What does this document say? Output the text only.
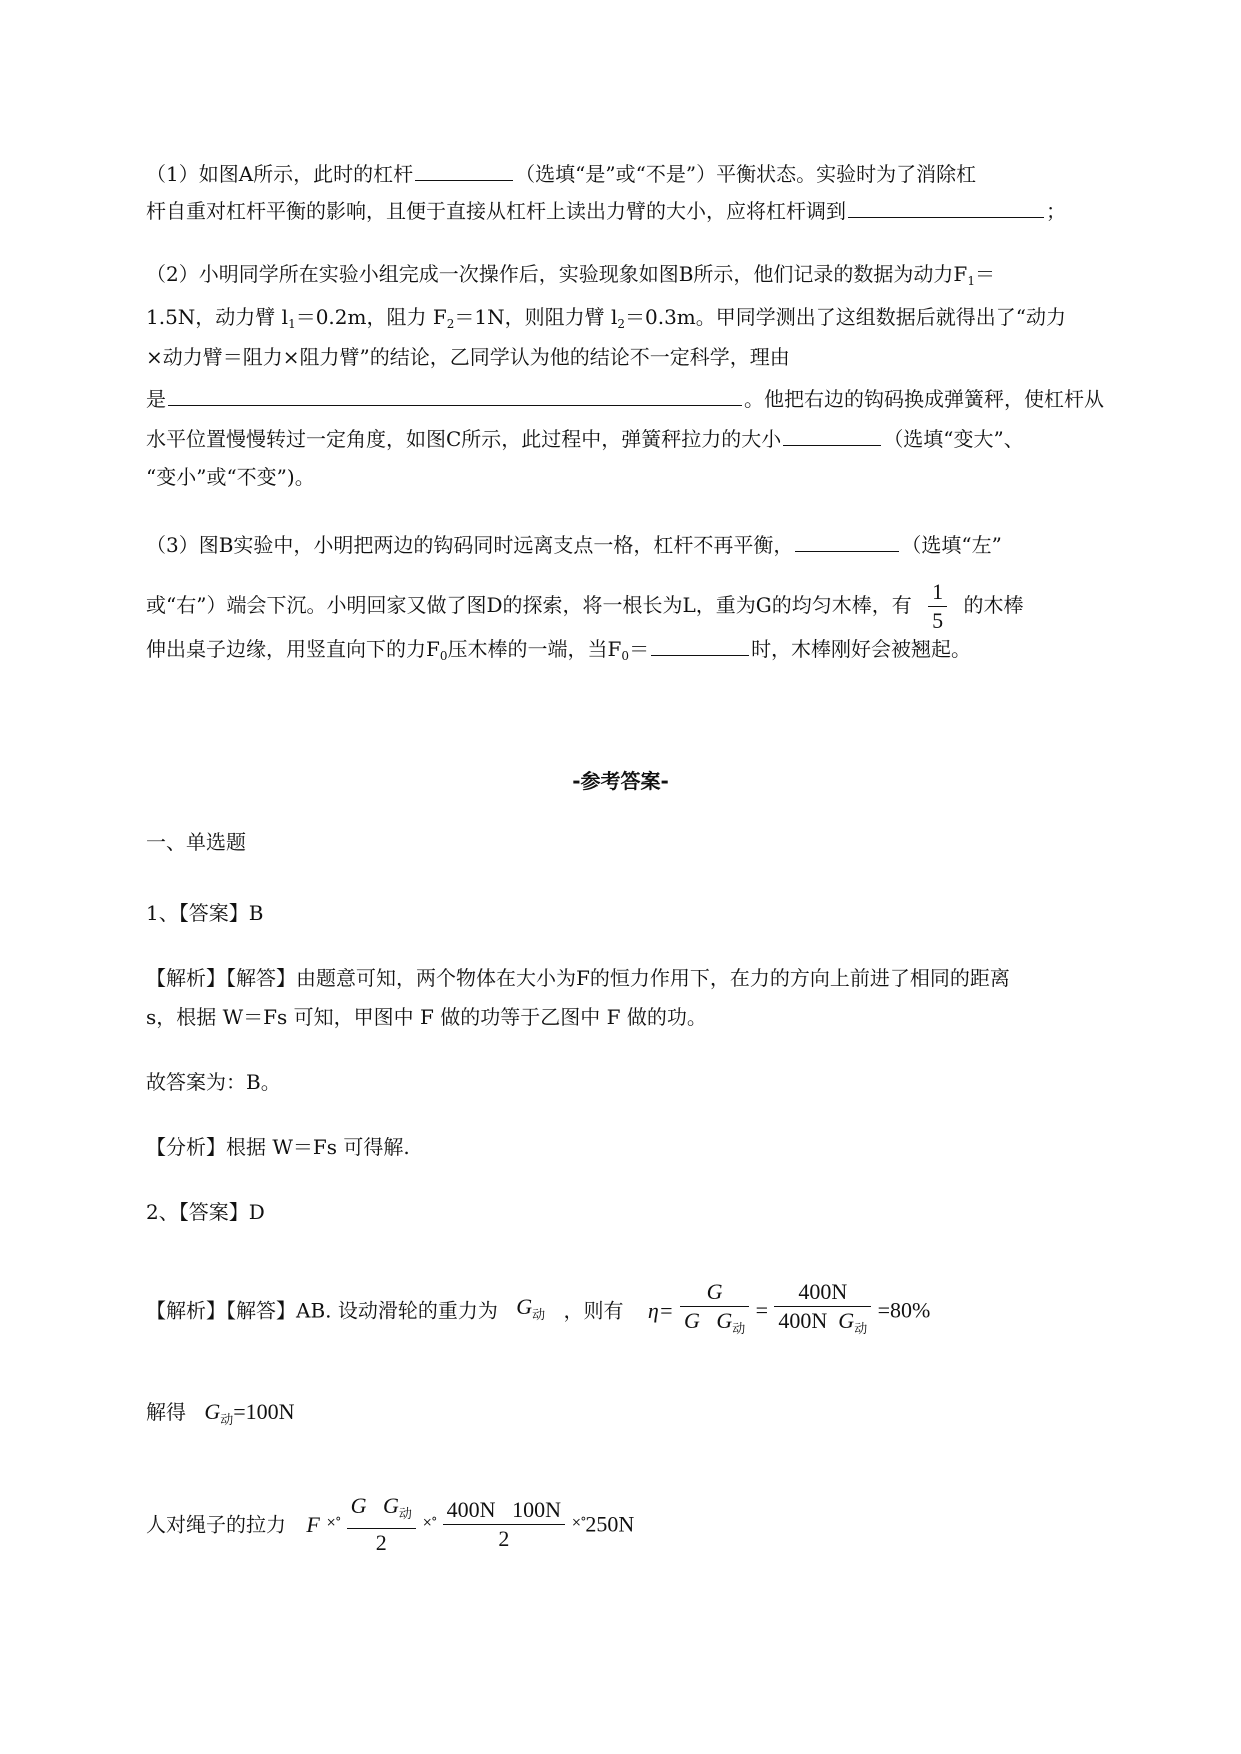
（1）如图A所示，此时的杠杆	（选填“是”或“不是”）平衡状态。实验时为了消除杠
杆自重对杠杆平衡的影响，且便于直接从杠杆上读出力臂的大小，应将杠杆调到	；
（2）小明同学所在实验小组完成一次操作后，实验现象如图B所示，他们记录的数据为动力$F_1=$
1.5N，动力臂 $l_1=0.2m$，阻力 $F_2=1N$，则阻力臂 $l_2=0.3m$。甲同学测出了这组数据后就得出了“动力
×动力臂＝阻力×阻力臂”的结论，乙同学认为他的结论不一定科学，理由
是	。他把右边的钩码换成弹簧秤，使杠杆从
水平位置慢慢转过一定角度，如图C所示，此过程中，弹簧秤拉力的大小	（选填“变大”、
“变小”或“不变”)。
（3）图B实验中，小明把两边的钩码同时远离支点一格，杠杆不再平衡，	（选填“左”
或“右”）端会下沉。小明回家又做了图D的探索，将一根长为L，重为G的均匀木棒，有 $\frac{1}{5}$ 的木棒
伸出桌子边缘，用竖直向下的力$F_0$压木棒的一端，当$F_0=$	时，木棒刚好会被翘起。
-参考答案-
一、单选题
1、【答案】B
【解析】【解答】由题意可知，两个物体在大小为F的恒力作用下，在力的方向上前进了相同的距离
s，根据 W＝Fs 可知，甲图中 F 做的功等于乙图中 F 做的功。
故答案为：B。
【分析】根据 W＝Fs 可得解.
2、【答案】D
【解析】【解答】AB. 设动滑轮的重力为 $G_动$ ，则有 $\eta= \frac{G}{G G_动} = \frac{400N}{400N G_动} =80\%$
解得 $G_动=100N$
人对绳子的拉力 F $^{\times^\circ} \frac{G G_动}{2} ^{\times^\circ} \frac{400N 100N}{2} ^{\times^\circ}250N$
